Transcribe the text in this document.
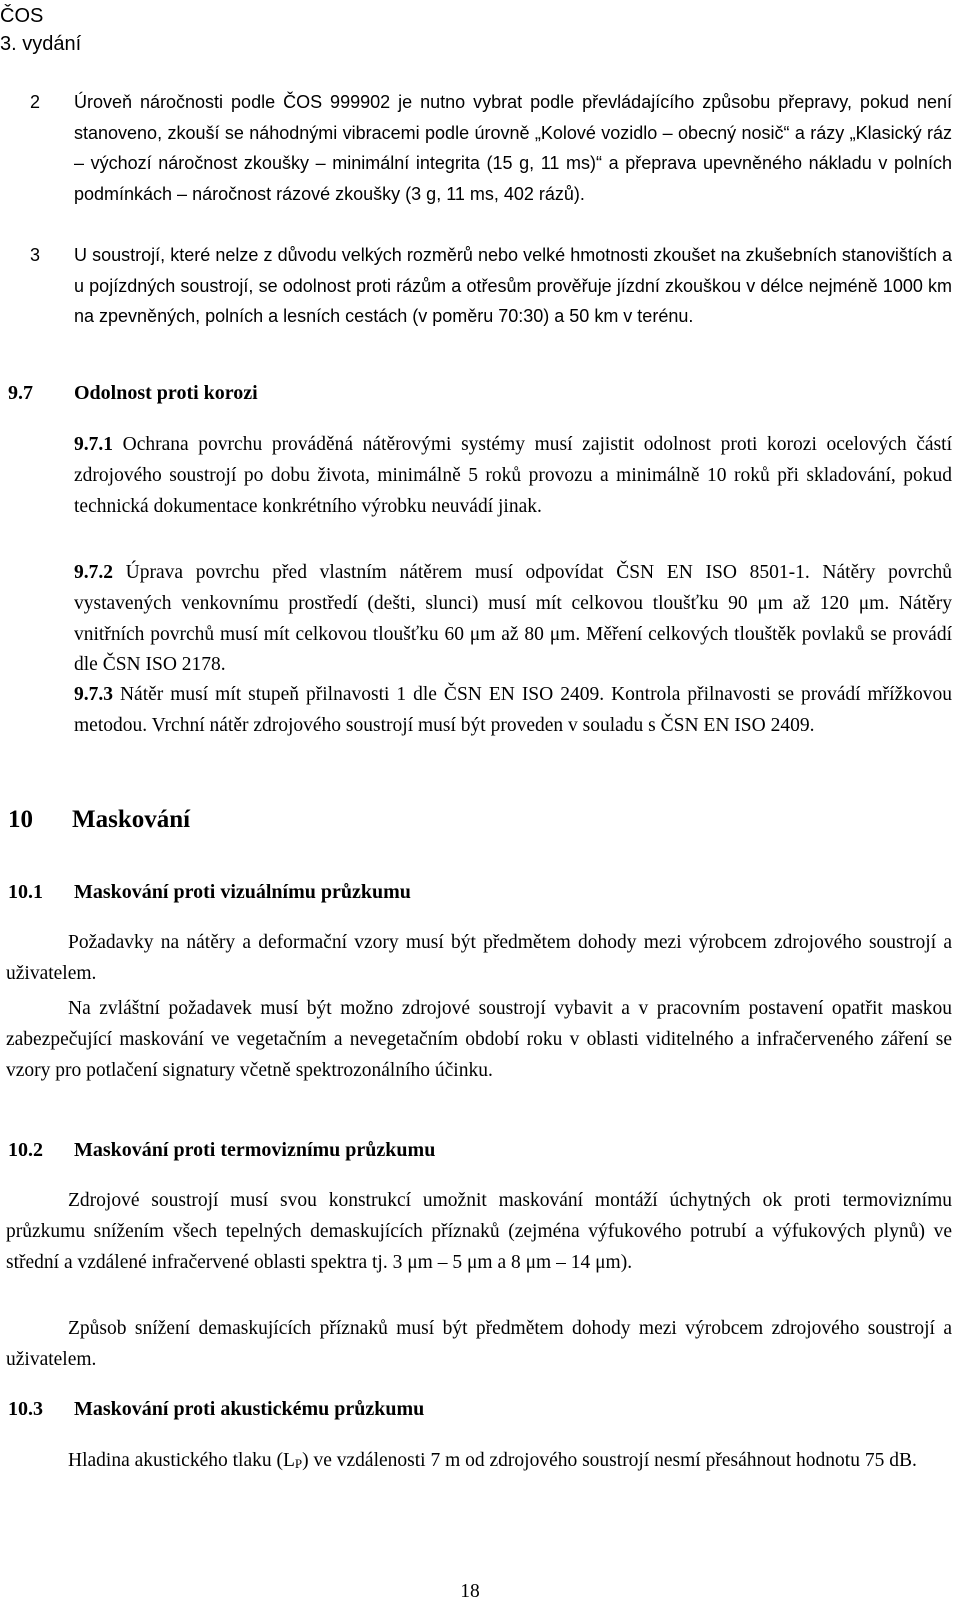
ČOS
3. vydání
2 Úroveň náročnosti podle ČOS 999902 je nutno vybrat podle převládajícího způsobu přepravy, pokud není stanoveno, zkouší se náhodnými vibracemi podle úrovně „Kolové vozidlo – obecný nosič“ a rázy „Klasický ráz – výchozí náročnost zkoušky – minimální integrita (15 g, 11 ms)“ a přeprava upevněného nákladu v polních podmínkách – náročnost rázové zkoušky (3 g, 11 ms, 402 rázů).

3 U soustrojí, které nelze z důvodu velkých rozměrů nebo velké hmotnosti zkoušet na zkušebních stanovištích a u pojízdných soustrojí, se odolnost proti rázům a otřesům prověřuje jízdní zkouškou v délce nejméně 1000 km na zpevněných, polních a lesních cestách (v poměru 70:30) a 50 km v terénu.

9.7 Odolnost proti korozi

9.7.1 Ochrana povrchu prováděná nátěrovými systémy musí zajistit odolnost proti korozi ocelových částí zdrojového soustrojí po dobu života, minimálně 5 roků provozu a minimálně 10 roků při skladování, pokud technická dokumentace konkrétního výrobku neuvádí jinak.

9.7.2 Úprava povrchu před vlastním nátěrem musí odpovídat ČSN EN ISO 8501-1. Nátěry povrchů vystavených venkovnímu prostředí (dešti, slunci) musí mít celkovou tloušťku 90 μm až 120 μm. Nátěry vnitřních povrchů musí mít celkovou tloušťku 60 μm až 80 μm. Měření celkových tlouštěk povlaků se provádí dle ČSN ISO 2178.

9.7.3 Nátěr musí mít stupeň přilnavosti 1 dle ČSN EN ISO 2409. Kontrola přilnavosti se provádí mřížkovou metodou. Vrchní nátěr zdrojového soustrojí musí být proveden v souladu s ČSN EN ISO 2409.

10 Maskování
10.1 Maskování proti vizuálnímu průzkumu

Požadavky na nátěry a deformační vzory musí být předmětem dohody mezi výrobcem zdrojového soustrojí a uživatelem.

Na zvláštní požadavek musí být možno zdrojové soustrojí vybavit a v pracovním postavení opatřit maskou zabezpečující maskování ve vegetačním a nevegetačním období roku v oblasti viditelného a infračerveného záření se vzory pro potlačení signatury včetně spektrozonálního účinku.

10.2 Maskování proti termoviznímu průzkumu

Zdrojové soustrojí musí svou konstrukcí umožnit maskování montáží úchytných ok proti termoviznímu průzkumu snížením všech tepelných demaskujících příznaků (zejména výfukového potrubí a výfukových plynů) ve střední a vzdálené infračervené oblasti spektra tj. 3 μm – 5 μm a 8 μm – 14 μm).

Způsob snížení demaskujících příznaků musí být předmětem dohody mezi výrobcem zdrojového soustrojí a uživatelem.

10.3 Maskování proti akustickému průzkumu

Hladina akustického tlaku $(L_P)$ ve vzdálenosti 7 m od zdrojového soustrojí nesmí přesáhnout hodnotu 75 dB.

18
